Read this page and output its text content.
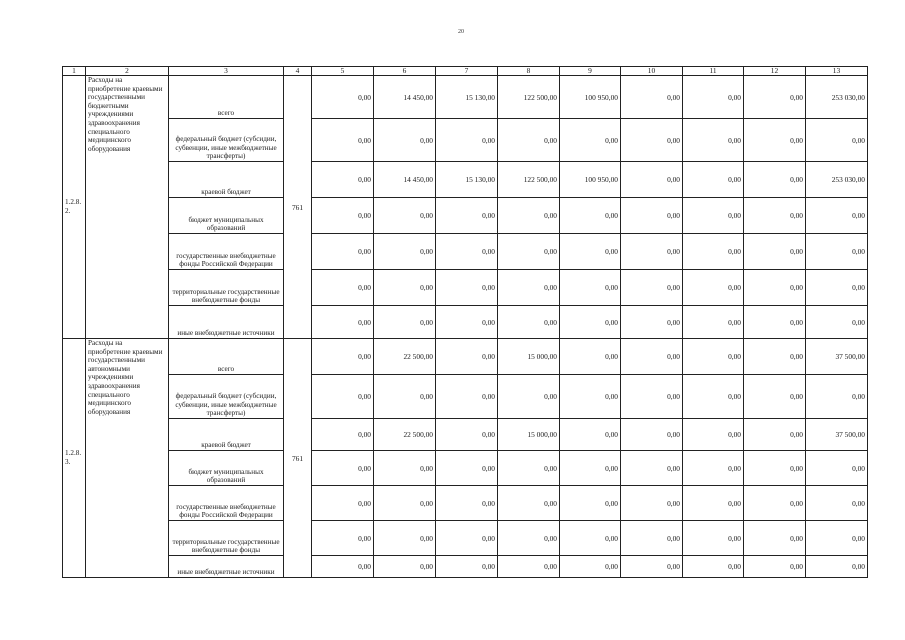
20
1	2	3	4	5	6	7	8	9	10	11	12	13
1.2.8.
2.	Расходы на приобретение краевыми государственными бюджетными учреждениями здравоохранения специального медицинского оборудования	всего	761	0,00	14 450,00	15 130,00	122 500,00	100 950,00	0,00	0,00	0,00	253 030,00
		федеральный бюджет (субсидии, субвенции, иные межбюджетные трансферты)		0,00	0,00	0,00	0,00	0,00	0,00	0,00	0,00	0,00
		краевой бюджет		0,00	14 450,00	15 130,00	122 500,00	100 950,00	0,00	0,00	0,00	253 030,00
		бюджет муниципальных образований		0,00	0,00	0,00	0,00	0,00	0,00	0,00	0,00	0,00
		государственные внебюджетные фонды Российской Федерации		0,00	0,00	0,00	0,00	0,00	0,00	0,00	0,00	0,00
		территориальные государственные внебюджетные фонды		0,00	0,00	0,00	0,00	0,00	0,00	0,00	0,00	0,00
		иные внебюджетные источники		0,00	0,00	0,00	0,00	0,00	0,00	0,00	0,00	0,00
1.2.8.
3.	Расходы на приобретение краевыми государственными автономными учреждениями здравоохранения специального медицинского оборудования	всего	761	0,00	22 500,00	0,00	15 000,00	0,00	0,00	0,00	0,00	37 500,00
		федеральный бюджет (субсидии, субвенции, иные межбюджетные трансферты)		0,00	0,00	0,00	0,00	0,00	0,00	0,00	0,00	0,00
		краевой бюджет		0,00	22 500,00	0,00	15 000,00	0,00	0,00	0,00	0,00	37 500,00
		бюджет муниципальных образований		0,00	0,00	0,00	0,00	0,00	0,00	0,00	0,00	0,00
		государственные внебюджетные фонды Российской Федерации		0,00	0,00	0,00	0,00	0,00	0,00	0,00	0,00	0,00
		территориальные государственные внебюджетные фонды		0,00	0,00	0,00	0,00	0,00	0,00	0,00	0,00	0,00
		иные внебюджетные источники		0,00	0,00	0,00	0,00	0,00	0,00	0,00	0,00	0,00
